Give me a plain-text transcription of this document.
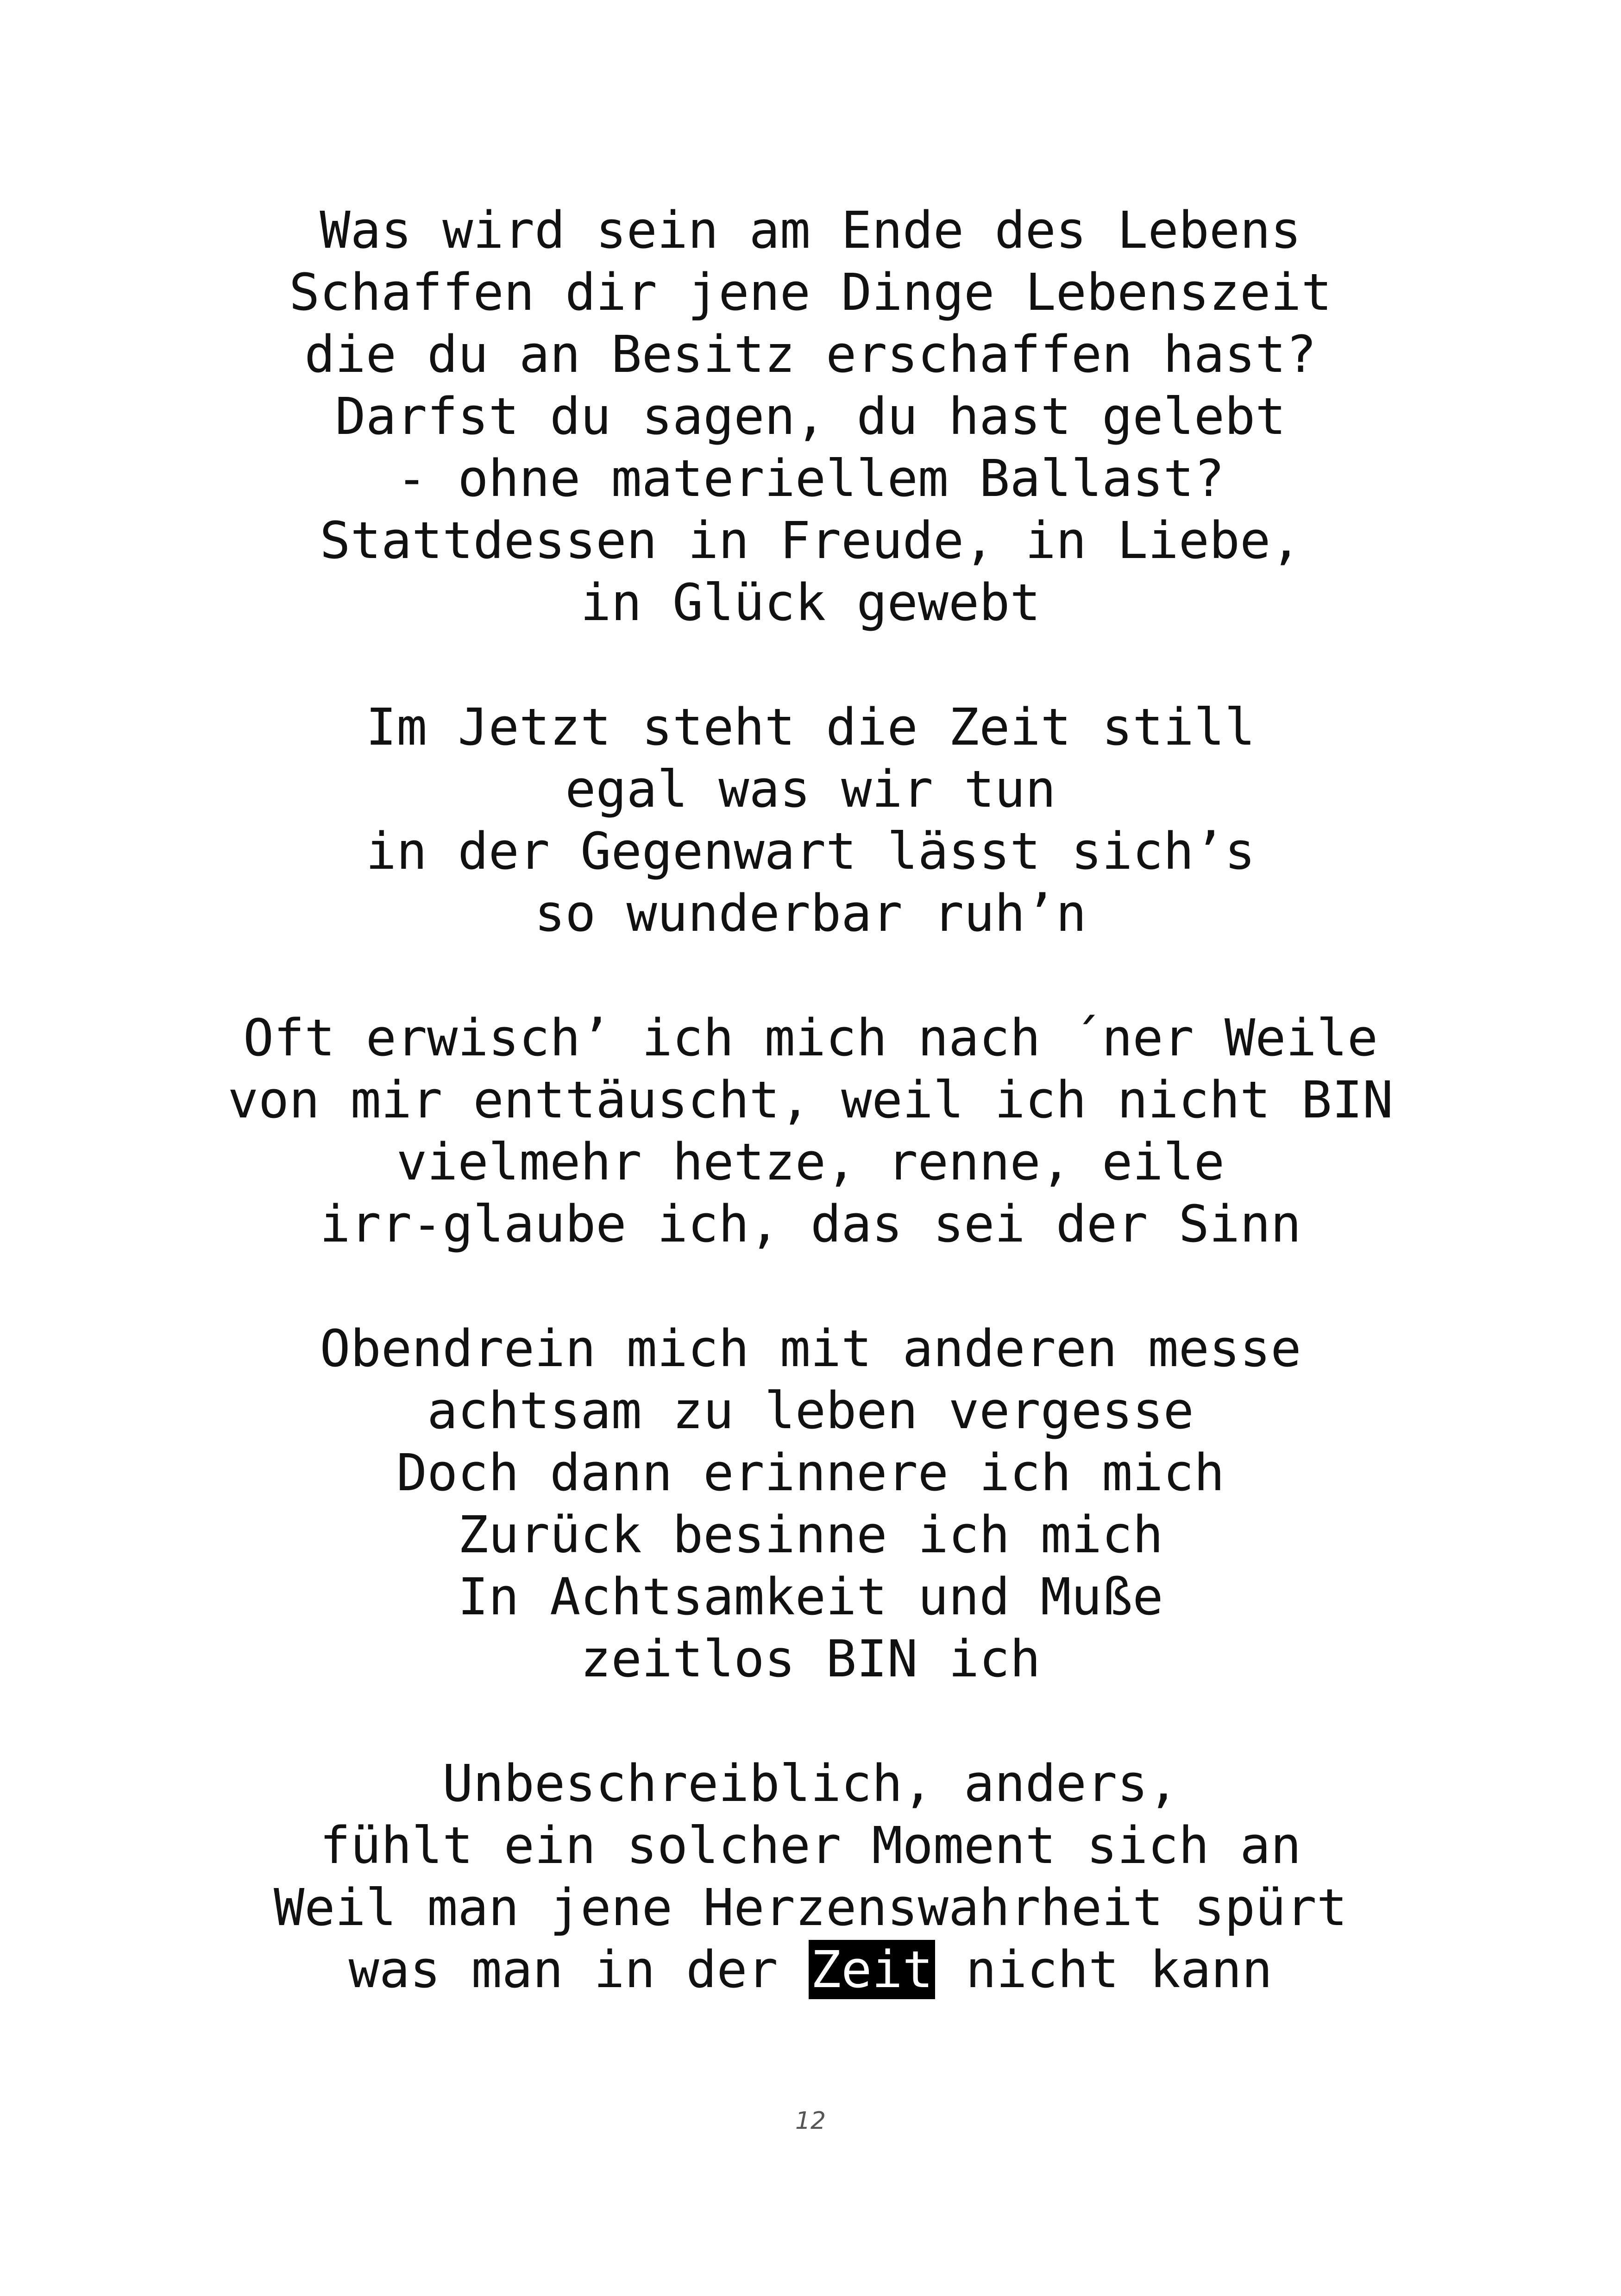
Was wird sein am Ende des Lebens
Schaffen dir jene Dinge Lebenszeit
die du an Besitz erschaffen hast?
Darfst du sagen, du hast gelebt
- ohne materiellem Ballast?
Stattdessen in Freude, in Liebe,
in Glück gewebt
Im Jetzt steht die Zeit still
egal was wir tun
in der Gegenwart lässt sich’s
so wunderbar ruh’n
Oft erwisch’ ich mich nach ´ner Weile
von mir enttäuscht, weil ich nicht BIN
vielmehr hetze, renne, eile
irr-glaube ich, das sei der Sinn
Obendrein mich mit anderen messe
achtsam zu leben vergesse
Doch dann erinnere ich mich
Zurück besinne ich mich
In Achtsamkeit und Muße
zeitlos BIN ich
Unbeschreiblich, anders,
fühlt ein solcher Moment sich an
Weil man jene Herzenswahrheit spürt
was man in der Zeit nicht kann
12
